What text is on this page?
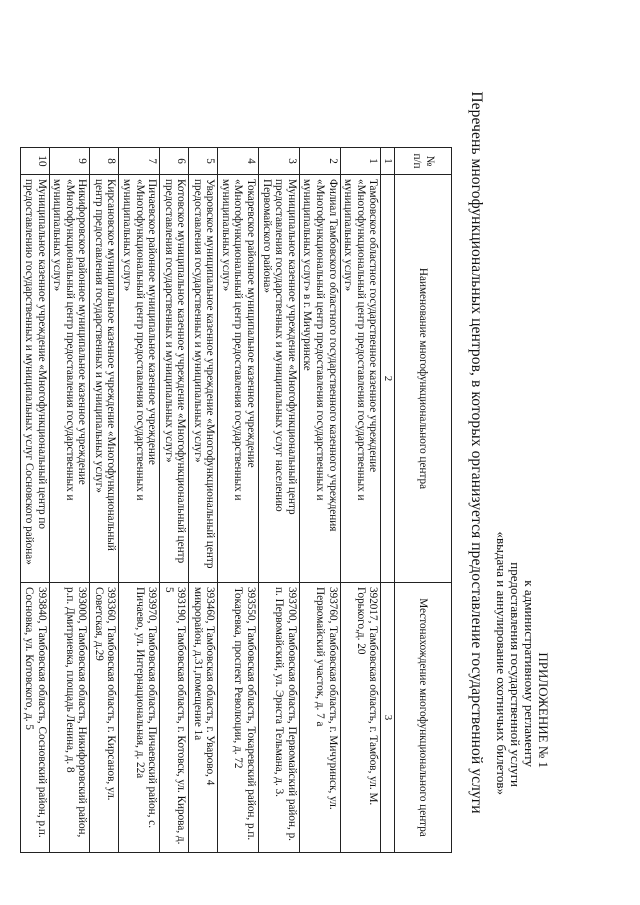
ПРИЛОЖЕНИЕ № 1
к административному регламенту
предоставления государственной услуги
«выдача и аннулирование охотничьих билетов»
Перечень многофункциональных центров, в которых организуется предоставление государственной услуги
№ п/п	Наименование многофункционального центра	Местонахождение многофункционального центра
1	2	3
1	Тамбовское областное государственное казенное учреждение «Многофункциональный центр предоставления государственных и муниципальных услуг»	392017, Тамбовская область, г. Тамбов, ул. М. Горького,д. 20
2	Филиал Тамбовского областного государственного казенного учреждения «Многофункциональный центр предоставления государственных и муниципальных услуг» в г. Мичуринске	393760, Тамбовская область, г. Мичуринск, ул. Первомайский участок, д. 7 а
3	Муниципальное казенное учреждение «Многофункциональный центр предоставления государственных и муниципальных услуг населению Первомайского района»	393700, Тамбовская область, Первомайский район, р. п. Первомайский, ул. Эрнста Тельмана, д. 3.
4	Токаревское районное муниципальное казенное учреждение «Многофункциональный центр предоставления государственных и муниципальных услуг»	393550, Тамбовская область, Токаревский район, р.п. Токаревка, проспект Революции, д. 72
5	Уваровское муниципальное казенное учреждение «Многофункциональный центр предоставления государственных и муниципальных услуг»	393460, Тамбовская область, г. Уварово, 4 микрорайон, д.31,помещение 1а
6	Котовское муниципальное казенное учреждение «Многофункциональный центр предоставления государственных и муниципальных услуг»	393190, Тамбовская область, г. Котовск, ул. Кирова, д. 5
7	Пичаевское районное муниципальное казенное учреждение «Многофункциональный центр предоставления государственных и муниципальных услуг»	393970, Тамбовская область, Пичаевский район, с. Пичаево, ул. Интернациональная, д. 22а
8	Кирсановское муниципальное казенное учреждение «Многофункциональный центр предоставления государственных и муниципальных услуг»	393360, Тамбовская область, г. Кирсанов, ул. Советская, д.29
9	Никифоровское районное муниципальное казенное учреждение «Многофункциональный центр предоставления государственных и муниципальных услуг»	393000, Тамбовская область, Никифоровский район, р.п. Дмитриевка, площадь Ленина, д. 8
10	Муниципальное казенное учреждение «Многофункциональный центр по предоставлению государственных и муниципальных услуг Сосновского района»	393840, Тамбовская область, Сосновский район, р.п. Сосновка, ул. Котовского, д. 5
